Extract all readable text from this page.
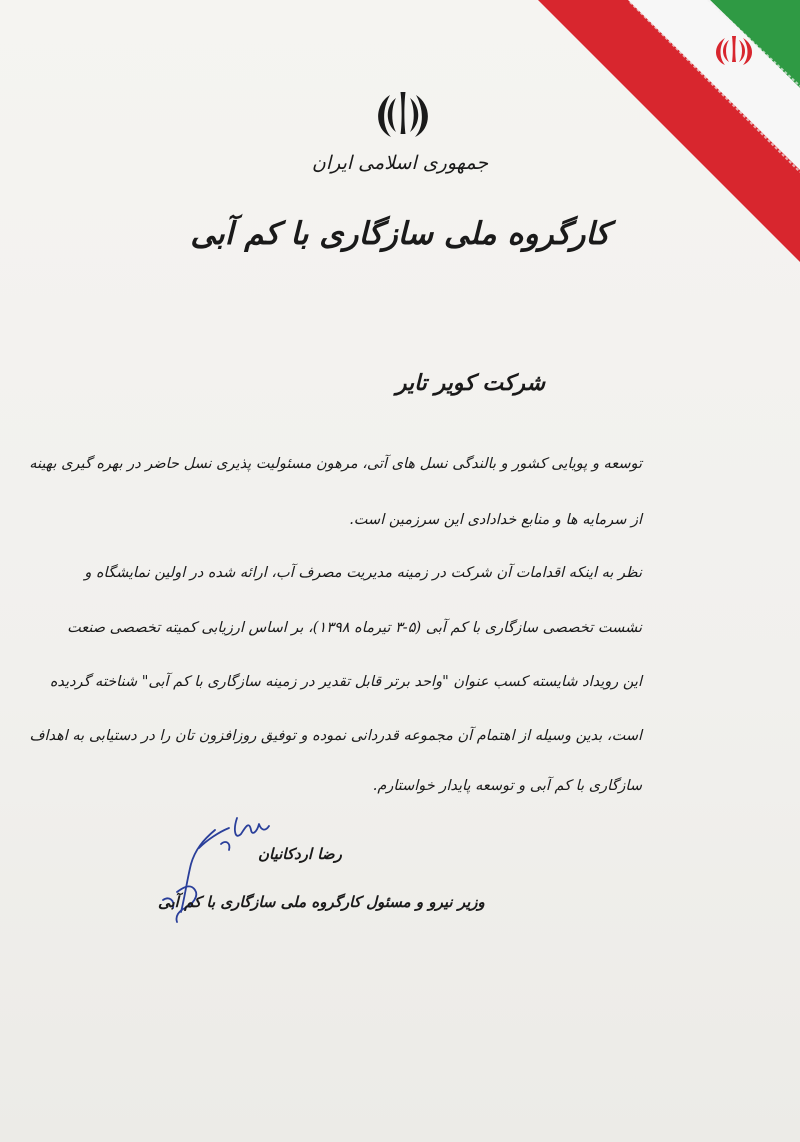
جمهوری اسلامی ایران
کارگروه ملی سازگاری با کم آبی
شرکت کویر تایر
توسعه و پویایی کشور و بالندگی نسل های آتی، مرهون مسئولیت پذیری نسل حاضر در بهره گیری بهینه
از سرمایه ها و منابع خدادادی این سرزمین است.
نظر به اینکه اقدامات آن شرکت در زمینه مدیریت مصرف آب، ارائه شده در اولین نمایشگاه و
نشست تخصصی سازگاری با کم آبی (۵-۳ تیرماه ۱۳۹۸)، بر اساس ارزیابی کمیته تخصصی صنعت
این رویداد شایسته کسب عنوان "واحد برتر قابل تقدیر در زمینه سازگاری با کم آبی" شناخته گردیده
است، بدین وسیله از اهتمام آن مجموعه قدردانی نموده و توفیق روزافزون تان را در دستیابی به اهداف
سازگاری با کم آبی و توسعه پایدار خواستارم.
رضا اردکانیان
وزیر نیرو و مسئول کارگروه ملی سازگاری با کم آبی
